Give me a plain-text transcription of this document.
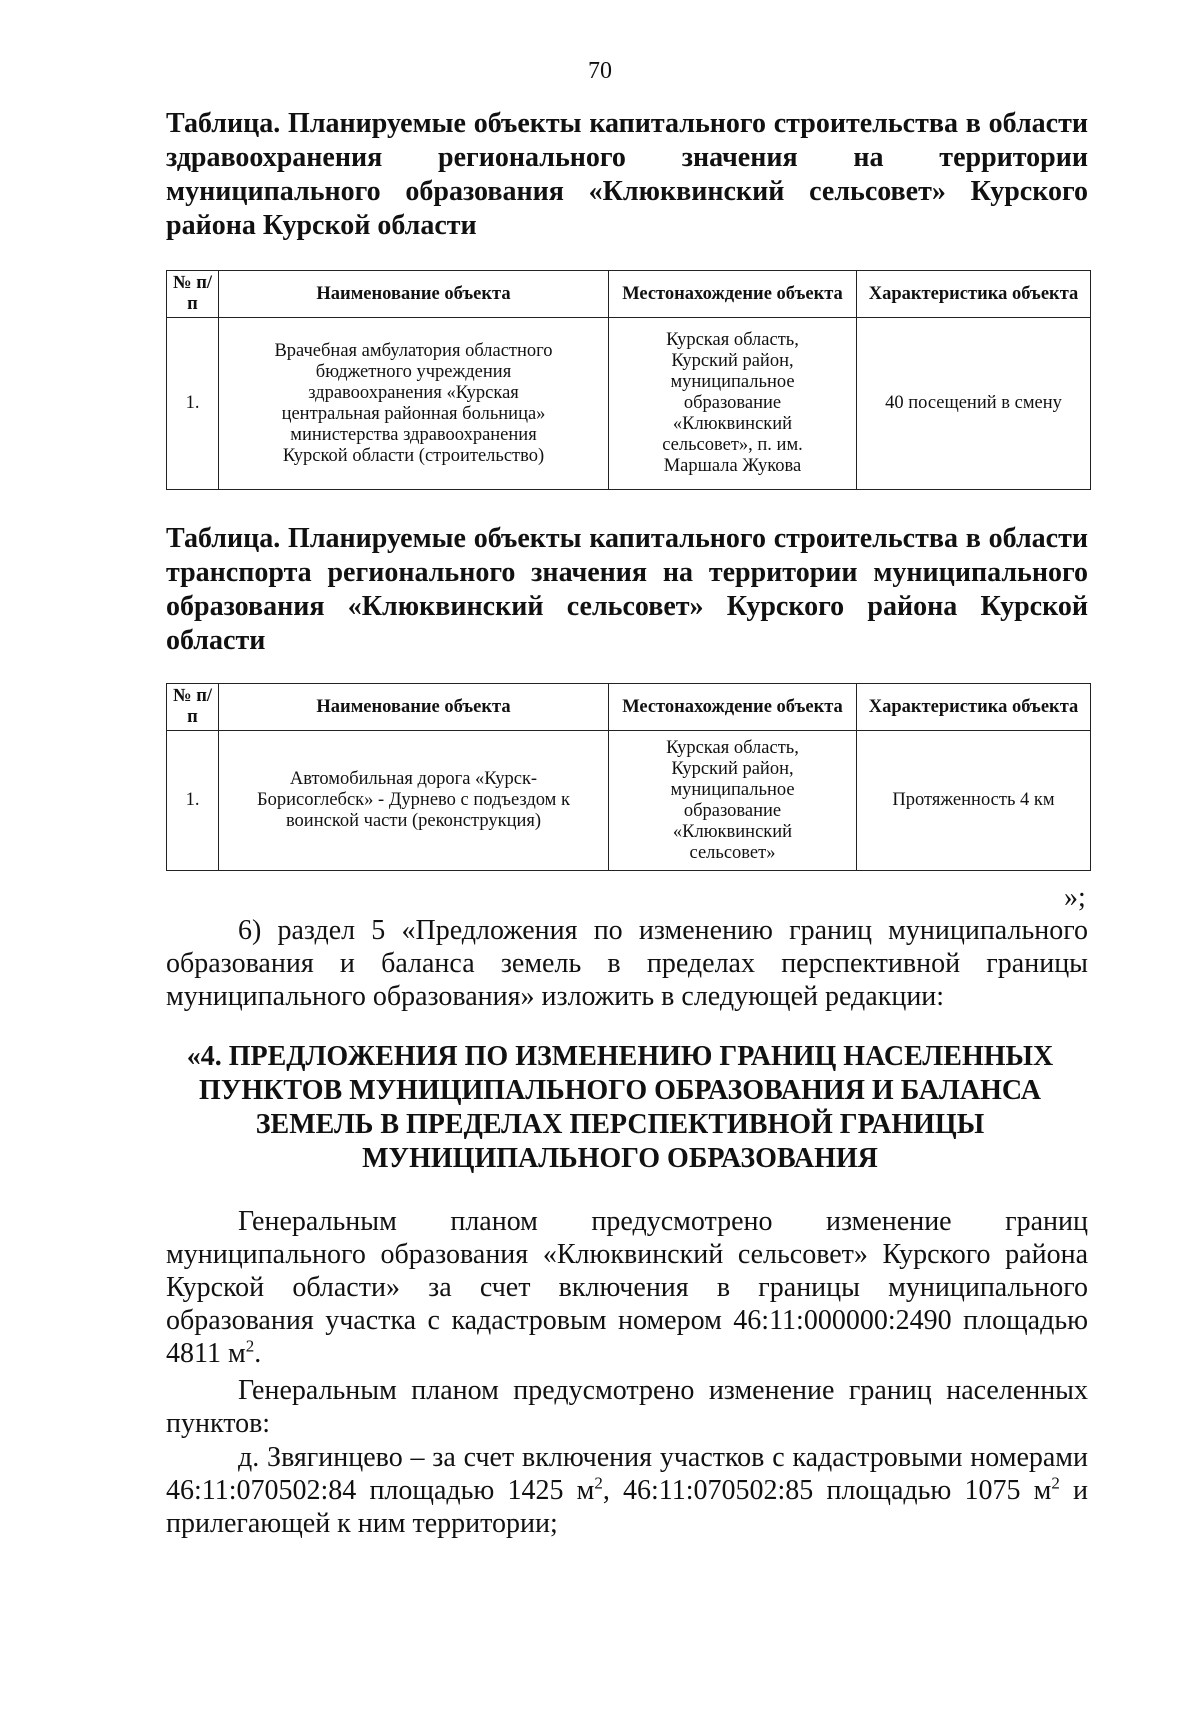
70
Таблица. Планируемые объекты капитального строительства в области здравоохранения регионального значения на территории муниципального образования «Клюквинский сельсовет» Курского района Курской области
№ п/п	Наименование объекта	Местонахождение объекта	Характеристика объекта
1.	Врачебная амбулатория областного бюджетного учреждения здравоохранения «Курская центральная районная больница» министерства здравоохранения Курской области (строительство)	Курская область, Курский район, муниципальное образование «Клюквинский сельсовет», п. им. Маршала Жукова	40 посещений в смену
Таблица. Планируемые объекты капитального строительства в области транспорта регионального значения на территории муниципального образования «Клюквинский сельсовет» Курского района Курской области
№ п/п	Наименование объекта	Местонахождение объекта	Характеристика объекта
1.	Автомобильная дорога «Курск-Борисоглебск» - Дурнево с подъездом к воинской части (реконструкция)	Курская область, Курский район, муниципальное образование «Клюквинский сельсовет»	Протяженность 4 км
»;
6) раздел 5 «Предложения по изменению границ муниципального образования и баланса земель в пределах перспективной границы муниципального образования» изложить в следующей редакции:
«4. ПРЕДЛОЖЕНИЯ ПО ИЗМЕНЕНИЮ ГРАНИЦ НАСЕЛЕННЫХ ПУНКТОВ МУНИЦИПАЛЬНОГО ОБРАЗОВАНИЯ И БАЛАНСА ЗЕМЕЛЬ В ПРЕДЕЛАХ ПЕРСПЕКТИВНОЙ ГРАНИЦЫ МУНИЦИПАЛЬНОГО ОБРАЗОВАНИЯ
Генеральным планом предусмотрено изменение границ муниципального образования «Клюквинский сельсовет» Курского района Курской области» за счет включения в границы муниципального образования участка с кадастровым номером 46:11:000000:2490 площадью 4811 $м^2$.
Генеральным планом предусмотрено изменение границ населенных пунктов:
д. Звягинцево – за счет включения участков с кадастровыми номерами 46:11:070502:84 площадью 1425 $м^2$, 46:11:070502:85 площадью 1075 $м^2$ и прилегающей к ним территории;
